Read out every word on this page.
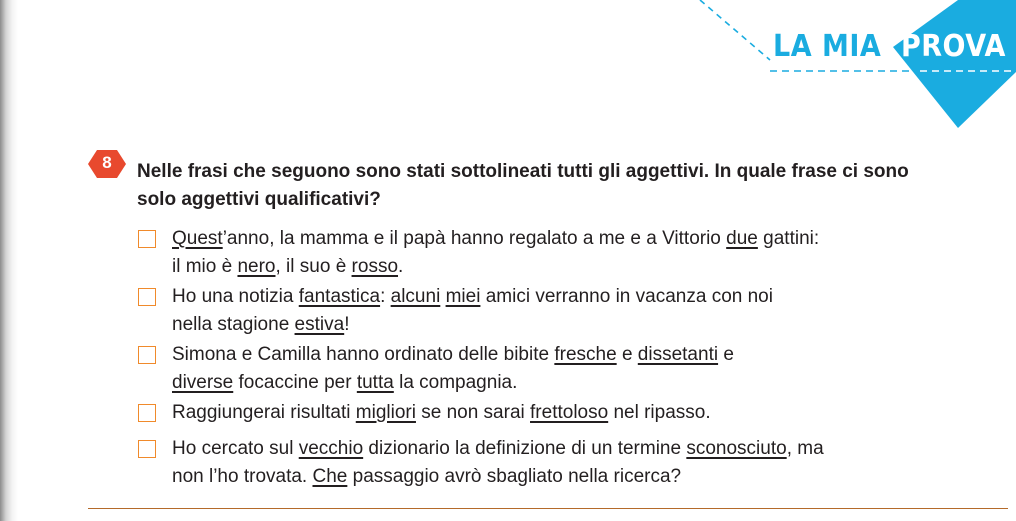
LA MIA PROVA
8	Nelle frasi che seguono sono stati sottolineati tutti gli aggettivi. In quale frase ci sono solo aggettivi qualificativi?
Quest’anno, la mamma e il papà hanno regalato a me e a Vittorio due gattini:
il mio è nero, il suo è rosso.
Ho una notizia fantastica: alcuni miei amici verranno in vacanza con noi
nella stagione estiva!
Simona e Camilla hanno ordinato delle bibite fresche e dissetanti e
diverse focaccine per tutta la compagnia.
Raggiungerai risultati migliori se non sarai frettoloso nel ripasso.
Ho cercato sul vecchio dizionario la definizione di un termine sconosciuto, ma
non l’ho trovata. Che passaggio avrò sbagliato nella ricerca?
